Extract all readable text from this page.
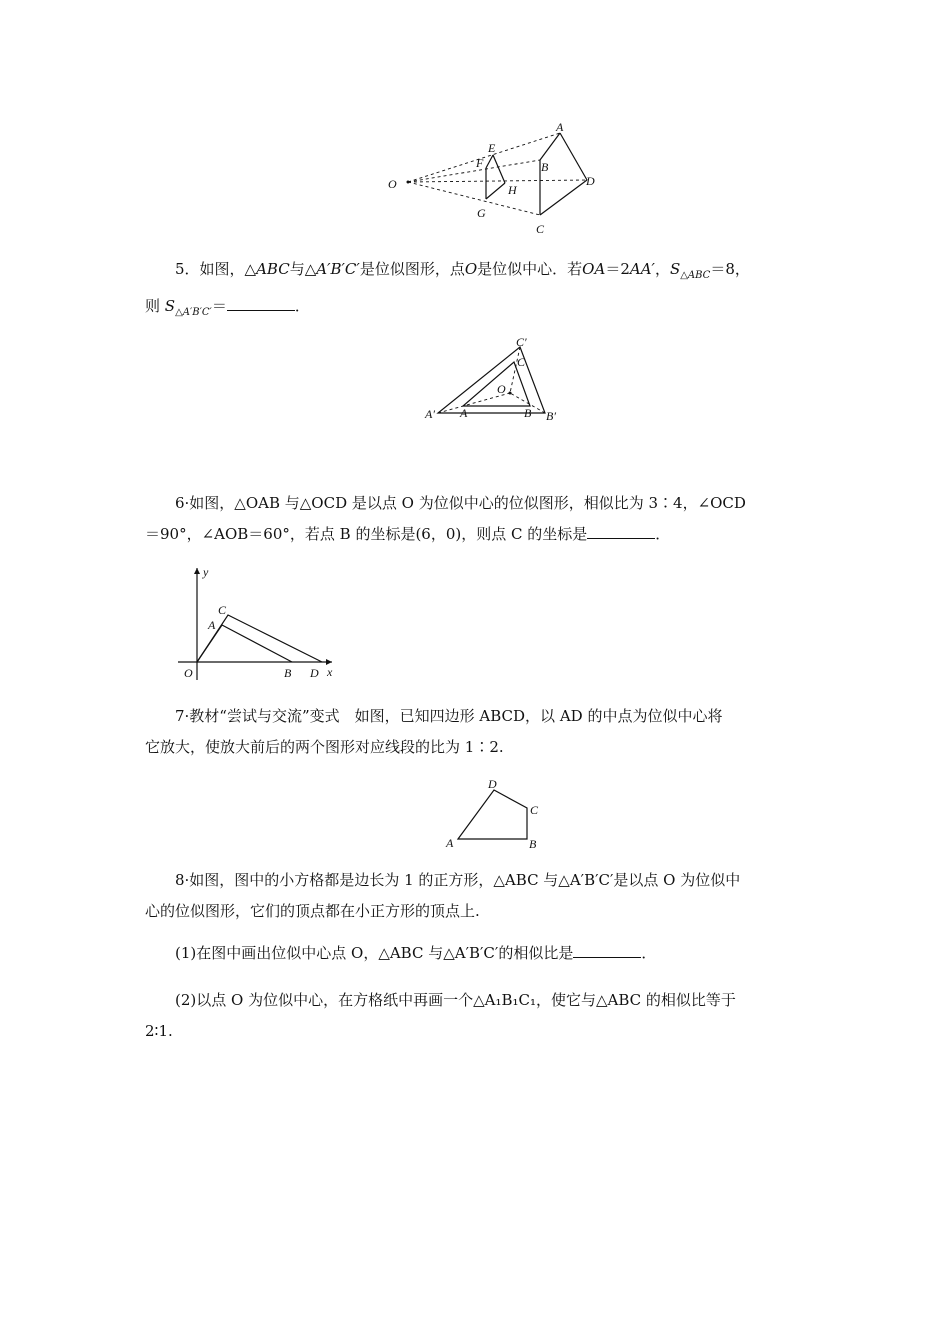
A
B
C
D
E
F
G
H
O

5．如图，△ABC与△A′B′C′是位似图形，点O是位似中心．若OA＝2AA′，$S_{\triangle ABC}=8$，
则 $S_{\triangle A'B'C'}=$	．

A′ A	B B′
C
C′
O

6·如图，△OAB 与△OCD 是以点 O 为位似中心的位似图形，相似比为 3∶4，∠OCD
＝90°，∠AOB＝60°，若点 B 的坐标是(6，0)，则点 C 的坐标是	．

y
x
O
A
C
B D

7·教材“尝试与交流”变式　如图，已知四边形 ABCD，以 AD 的中点为位似中心将
它放大，使放大前后的两个图形对应线段的比为 1∶2.

A	B
C
D

8·如图，图中的小方格都是边长为 1 的正方形，△ABC 与△A′B′C′是以点 O 为位似中
心的位似图形，它们的顶点都在小正方形的顶点上.

(1)在图中画出位似中心点 O，△ABC 与△A′B′C′的相似比是	．

(2)以点 O 为位似中心，在方格纸中再画一个△A₁B₁C₁，使它与△ABC 的相似比等于
2∶1.
